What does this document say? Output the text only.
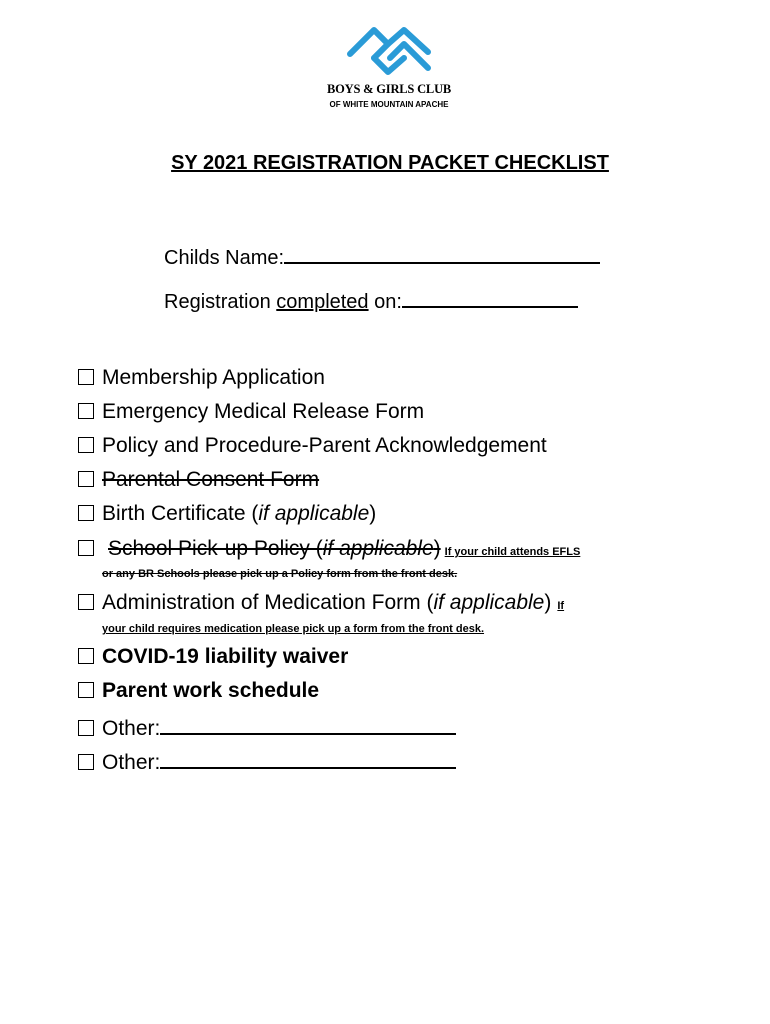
BOYS & GIRLS CLUB
OF WHITE MOUNTAIN APACHE
SY 2021 REGISTRATION PACKET CHECKLIST
Childs Name:
Registration completed on:
Membership Application
Emergency Medical Release Form
Policy and Procedure-Parent Acknowledgement
Parental Consent Form
Birth Certificate (if applicable)
School Pick-up Policy (if applicable) If your child attends EFLS
or any BR Schools please pick up a Policy form from the front desk.
Administration of Medication Form (if applicable) If
your child requires medication please pick up a form from the front desk.
COVID-19 liability waiver
Parent work schedule
Other:
Other:
